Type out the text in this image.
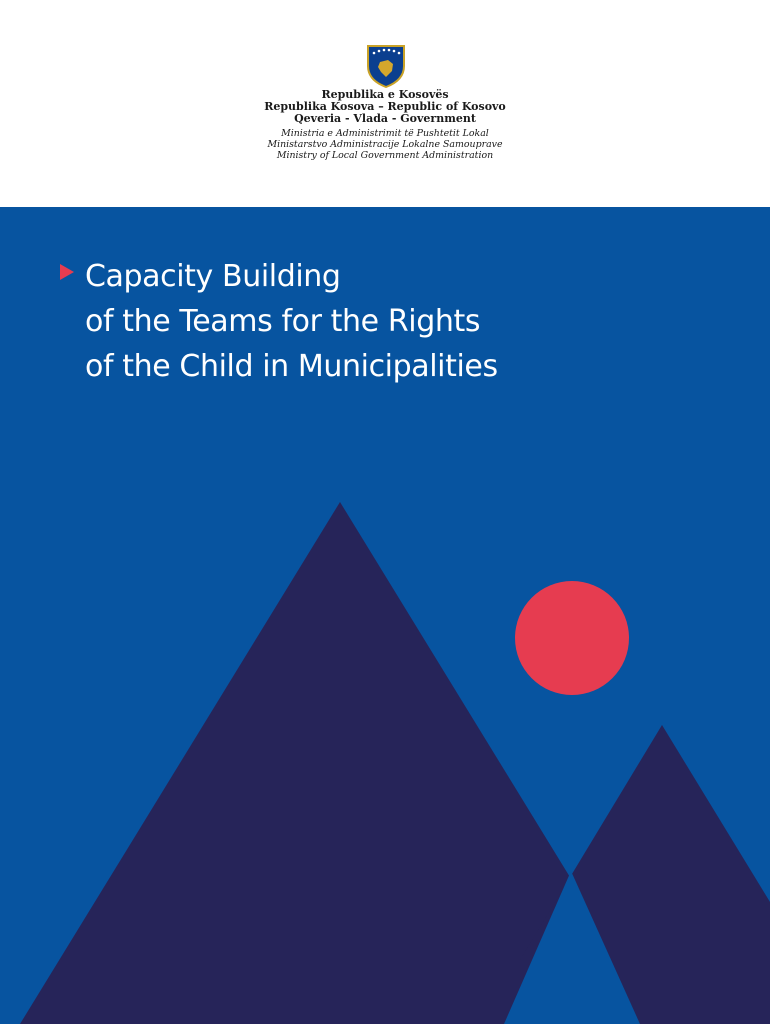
Republika e Kosovës
Republika Kosova – Republic of Kosovo
Qeveria - Vlada - Government
Ministria e Administrimit të Pushtetit Lokal
Ministarstvo Administracije Lokalne Samouprave
Ministry of Local Government Administration
Capacity Building
of the Teams for the Rights
of the Child in Municipalities
